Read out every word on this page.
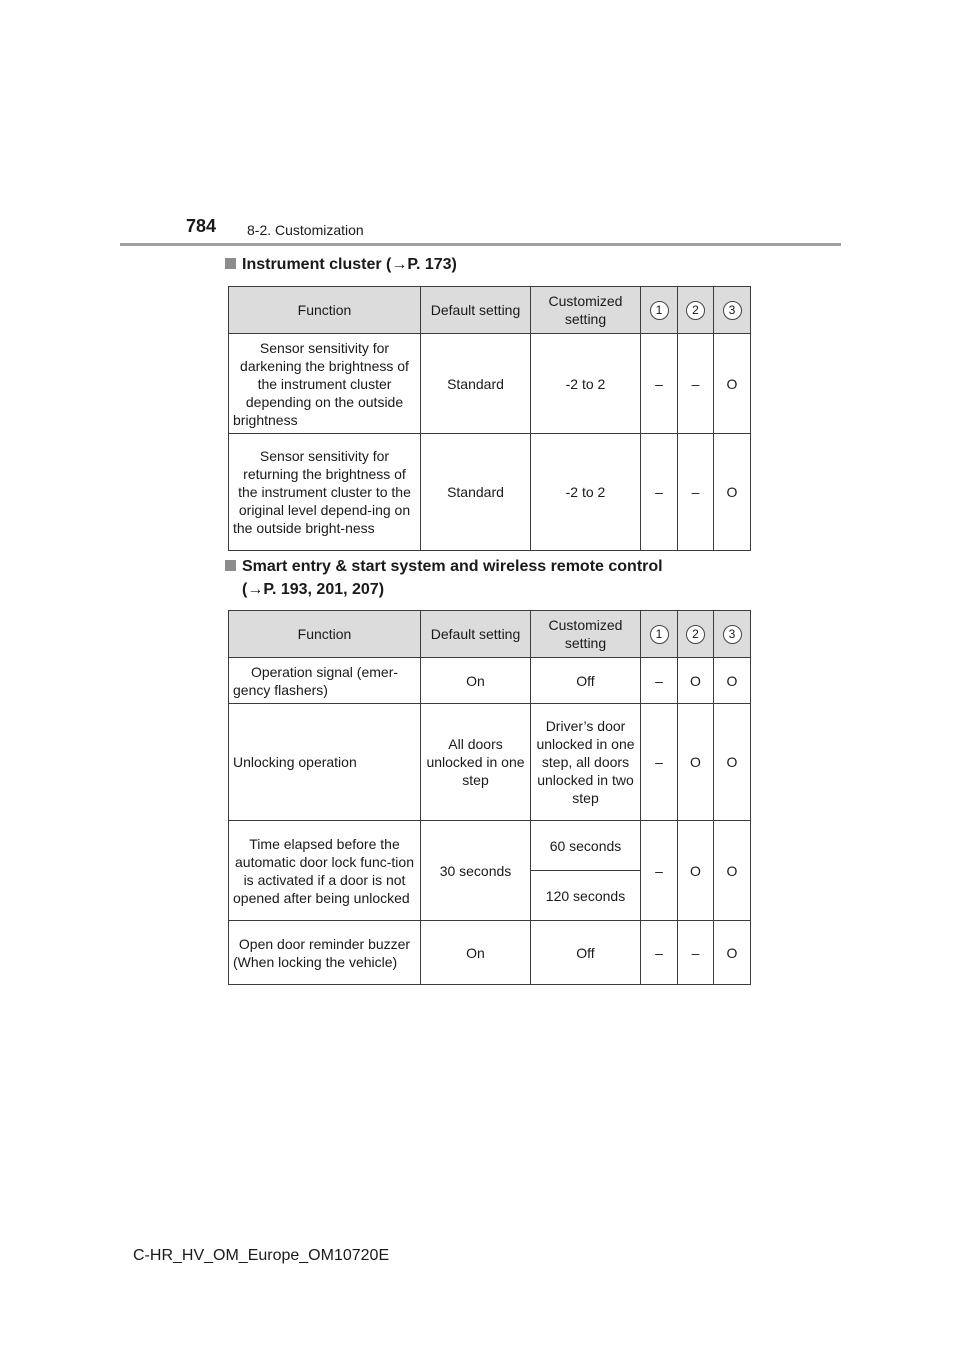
784 8-2. Customization
Instrument cluster (→P. 173)
Function	Default setting	Customized setting	1	2	3
Sensor sensitivity for darkening the brightness of the instrument cluster depending on the outside brightness	Standard	-2 to 2	–	–	O
Sensor sensitivity for returning the brightness of the instrument cluster to the original level depend-ing on the outside bright-ness	Standard	-2 to 2	–	–	O
Smart entry & start system and wireless remote control
(→P. 193, 201, 207)
Function	Default setting	Customized setting	1	2	3
Operation signal (emer-gency flashers)	On	Off	–	O	O
Unlocking operation	All doors unlocked in one step	Driver’s door unlocked in one step, all doors unlocked in two step	–	O	O
Time elapsed before the automatic door lock func-tion is activated if a door is not opened after being unlocked	30 seconds	60 seconds	–	O	O
		120 seconds			
Open door reminder buzzer (When locking the vehicle)	On	Off	–	–	O
C-HR_HV_OM_Europe_OM10720E
